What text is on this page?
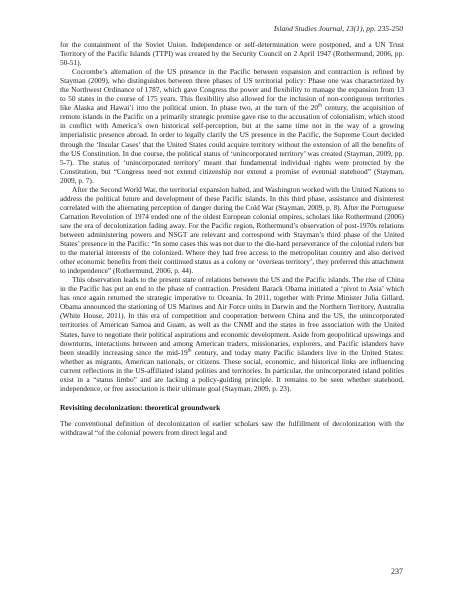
Island Studies Journal, 13(1), pp. 235-250

for the containment of the Soviet Union. Independence or self-determination were postponed, and a UN Trust Territory of the Pacific Islands (TTPI) was created by the Security Council on 2 April 1947 (Rothermund, 2006, pp. 50-51).

Cocrombe’s alternation of the US presence in the Pacific between expansion and contraction is refined by Stayman (2009), who distinguishes between three phases of US territorial policy: Phase one was characterized by the Northwest Ordinance of 1787, which gave Congress the power and flexibility to manage the expansion from 13 to 50 states in the course of 175 years. This flexibility also allowed for the inclusion of non-contiguous territories like Alaska and Hawai’i into the political union. In phase two, at the turn of the 20th century, the acquisition of remote islands in the Pacific on a primarily strategic premise gave rise to the accusation of colonialism, which stood in conflict with America’s own historical self-perception, but at the same time not in the way of a growing imperialistic presence abroad. In order to legally clarify the US presence in the Pacific, the Supreme Court decided through the ‘Insular Cases’ that the United States could acquire territory without the extension of all the benefits of the US Constitution. In due course, the political status of ‘unincorporated territory’ was created (Stayman, 2009, pp. 5-7). The status of ‘unincorporated territory’ meant that fundamental individual rights were protected by the Constitution, but “Congress need not extend citizenship nor extend a promise of eventual statehood” (Stayman, 2009, p. 7).

After the Second World War, the territorial expansion halted, and Washington worked with the United Nations to address the political future and development of these Pacific islands. In this third phase, assistance and disinterest correlated with the alternating perception of danger during the Cold War (Stayman, 2009, p. 8). After the Portuguese Carnation Revolution of 1974 ended one of the oldest European colonial empires, scholars like Rothermund (2006) saw the era of decolonization fading away. For the Pacific region, Rothermund’s observation of post-1970s relations between administering powers and NSGT are relevant and correspond with Stayman’s third phase of the United States’ presence in the Pacific: “In some cases this was not due to the die-hard perseverance of the colonial rulers but to the material interests of the colonized. Where they had free access to the metropolitan country and also derived other economic benefits from their continued status as a colony or ‘overseas territory’, they preferred this attachment to independence” (Rothermund, 2006, p. 44).

This observation leads to the present state of relations between the US and the Pacific islands. The rise of China in the Pacific has put an end to the phase of contraction. President Barack Obama initiated a ‘pivot to Asia’ which has once again returned the strategic imperative to Oceania. In 2011, together with Prime Minister Julia Gillard, Obama announced the stationing of US Marines and Air Force units in Darwin and the Northern Territory, Australia (White House, 2011). In this era of competition and cooperation between China and the US, the unincorporated territories of American Samoa and Guam, as well as the CNMI and the states in free association with the United States, have to negotiate their political aspirations and economic development. Aside from geopolitical upswings and downturns, interactions between and among American traders, missionaries, explorers, and Pacific islanders have been steadily increasing since the mid-19th century, and today many Pacific islanders live in the United States: whether as migrants, American nationals, or citizens. These social, economic, and historical links are influencing current reflections in the US-affiliated island polities and territories. In particular, the unincorporated island polities exist in a “status limbo” and are lacking a policy-guiding principle. It remains to be seen whether statehood, independence, or free association is their ultimate goal (Stayman, 2009, p. 23).

Revisiting decolonization: theoretical groundwork

The conventional definition of decolonization of earlier scholars saw the fulfillment of decolonization with the withdrawal “of the colonial powers from direct legal and

237
